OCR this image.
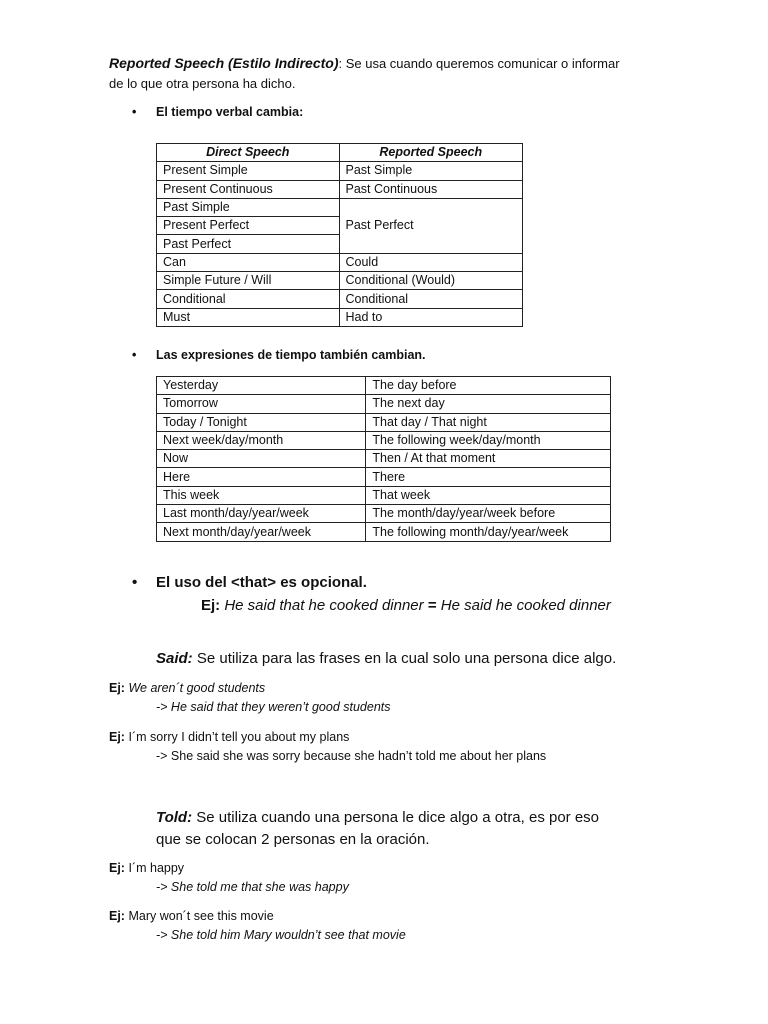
Reported Speech (Estilo Indirecto): Se usa cuando queremos comunicar o informar
de lo que otra persona ha dicho.
• El tiempo verbal cambia:
Direct Speech	Reported Speech
Present Simple	Past Simple
Present Continuous	Past Continuous
Past Simple	Past Perfect
Present Perfect	
Past Perfect	
Can	Could
Simple Future / Will	Conditional (Would)
Conditional	Conditional
Must	Had to
• Las expresiones de tiempo también cambian.
Yesterday	The day before
Tomorrow	The next day
Today / Tonight	That day / That night
Next week/day/month	The following week/day/month
Now	Then / At that moment
Here	There
This week	That week
Last month/day/year/week	The month/day/year/week before
Next month/day/year/week	The following month/day/year/week
• El uso del <that> es opcional.
Ej: He said that he cooked dinner = He said he cooked dinner
Said: Se utiliza para las frases en la cual solo una persona dice algo.
Ej: We aren´t good students
-> He said that they weren’t good students
Ej: I´m sorry I didn’t tell you about my plans
-> She said she was sorry because she hadn’t told me about her plans
Told: Se utiliza cuando una persona le dice algo a otra, es por eso
que se colocan 2 personas en la oración.
Ej: I´m happy
-> She told me that she was happy
Ej: Mary won´t see this movie
-> She told him Mary wouldn’t see that movie
